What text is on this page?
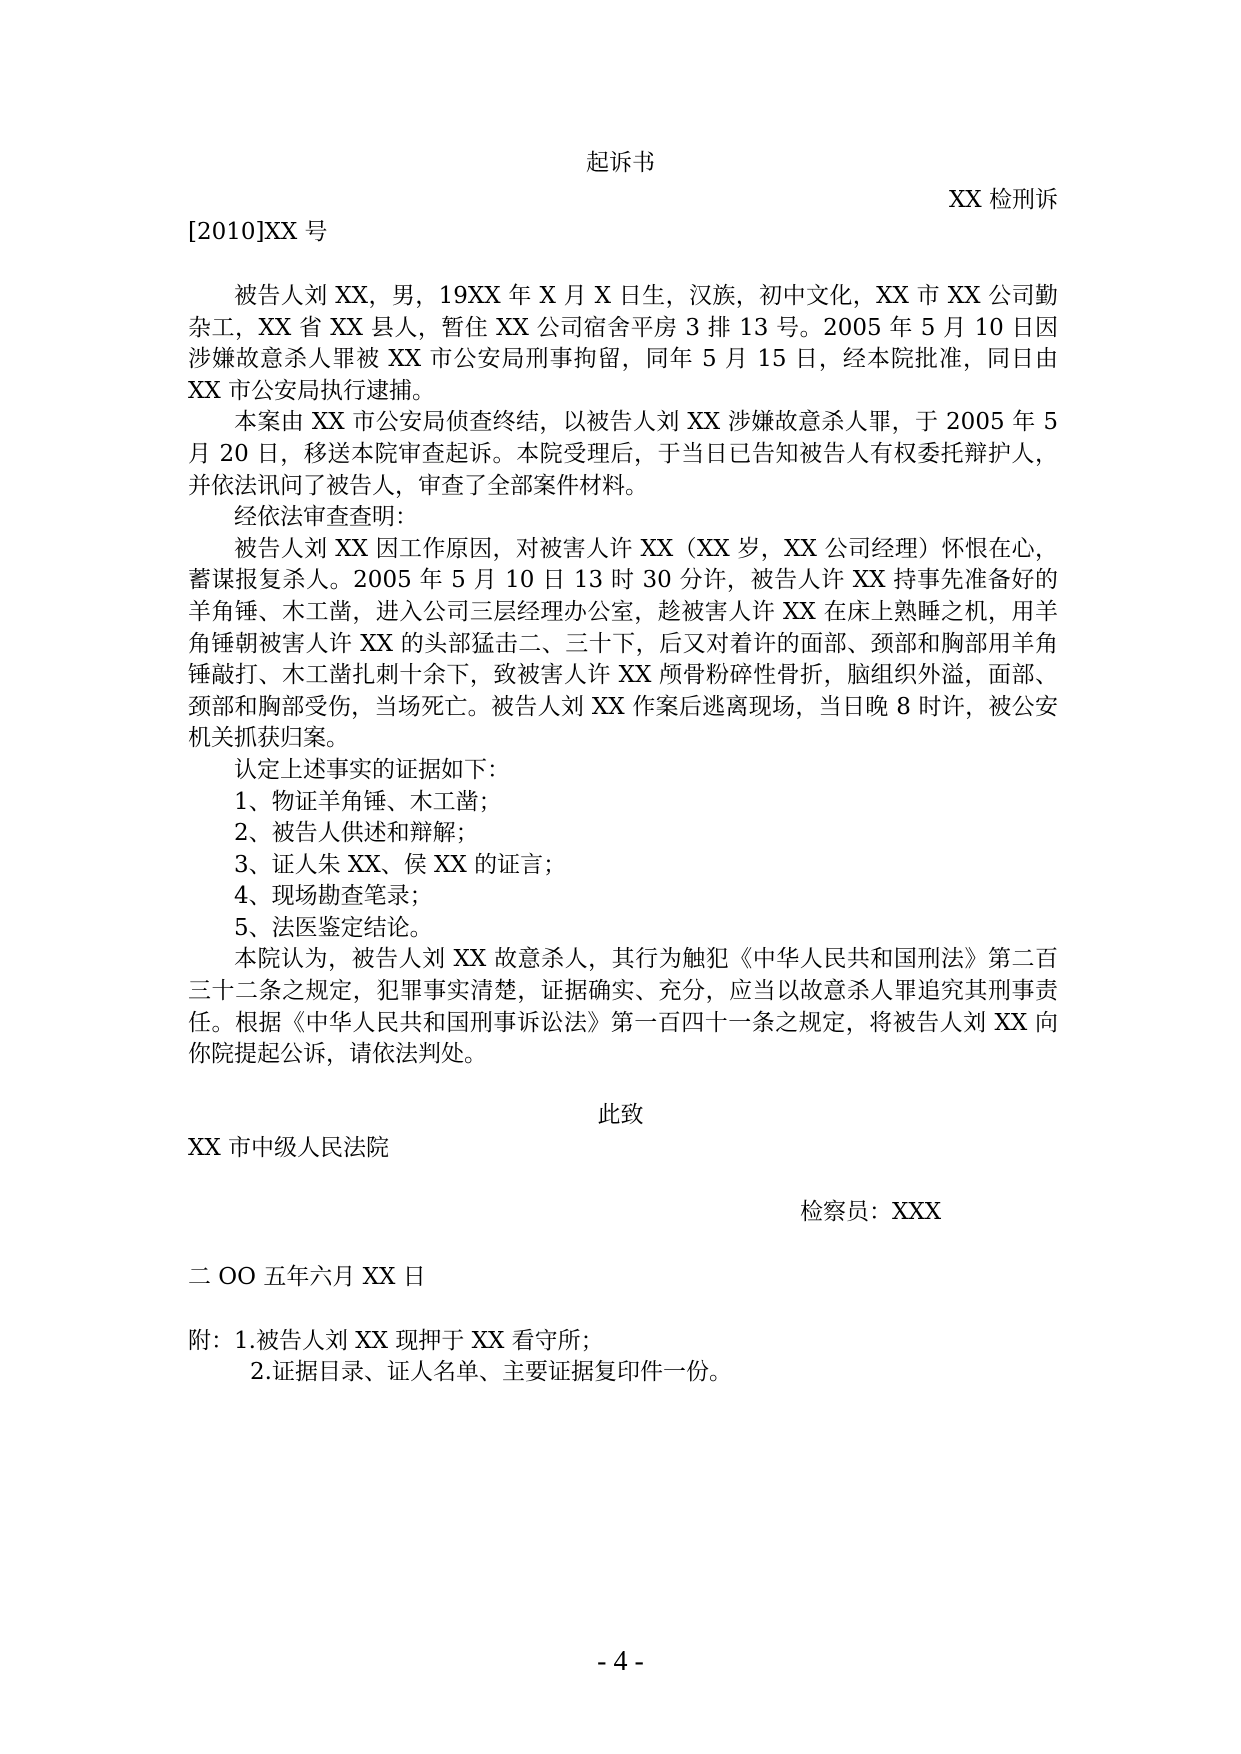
起诉书
XX 检刑诉
[2010]XX 号

被告人刘 XX，男，19XX 年 X 月 X 日生，汉族，初中文化，XX 市 XX 公司勤杂工，XX 省 XX 县人，暂住 XX 公司宿舍平房 3 排 13 号。2005 年 5 月 10 日因涉嫌故意杀人罪被 XX 市公安局刑事拘留，同年 5 月 15 日，经本院批准，同日由 XX 市公安局执行逮捕。

本案由 XX 市公安局侦查终结，以被告人刘 XX 涉嫌故意杀人罪，于 2005 年 5 月 20 日，移送本院审查起诉。本院受理后，于当日已告知被告人有权委托辩护人，并依法讯问了被告人，审查了全部案件材料。

经依法审查查明：

被告人刘 XX 因工作原因，对被害人许 XX（XX 岁，XX 公司经理）怀恨在心，蓄谋报复杀人。2005 年 5 月 10 日 13 时 30 分许，被告人许 XX 持事先准备好的羊角锤、木工凿，进入公司三层经理办公室，趁被害人许 XX 在床上熟睡之机，用羊角锤朝被害人许 XX 的头部猛击二、三十下，后又对着许的面部、颈部和胸部用羊角锤敲打、木工凿扎刺十余下，致被害人许 XX 颅骨粉碎性骨折，脑组织外溢，面部、颈部和胸部受伤，当场死亡。被告人刘 XX 作案后逃离现场，当日晚 8 时许，被公安机关抓获归案。

认定上述事实的证据如下：

1、物证羊角锤、木工凿；

2、被告人供述和辩解；

3、证人朱 XX、侯 XX 的证言；

4、现场勘查笔录；

5、法医鉴定结论。

本院认为，被告人刘 XX 故意杀人，其行为触犯《中华人民共和国刑法》第二百三十二条之规定，犯罪事实清楚，证据确实、充分，应当以故意杀人罪追究其刑事责任。根据《中华人民共和国刑事诉讼法》第一百四十一条之规定，将被告人刘 XX 向你院提起公诉，请依法判处。

此致
XX 市中级人民法院
检察员：XXX
二 OO 五年六月 XX 日
附：1.被告人刘 XX 现押于 XX 看守所；
2.证据目录、证人名单、主要证据复印件一份。
- 4 -
